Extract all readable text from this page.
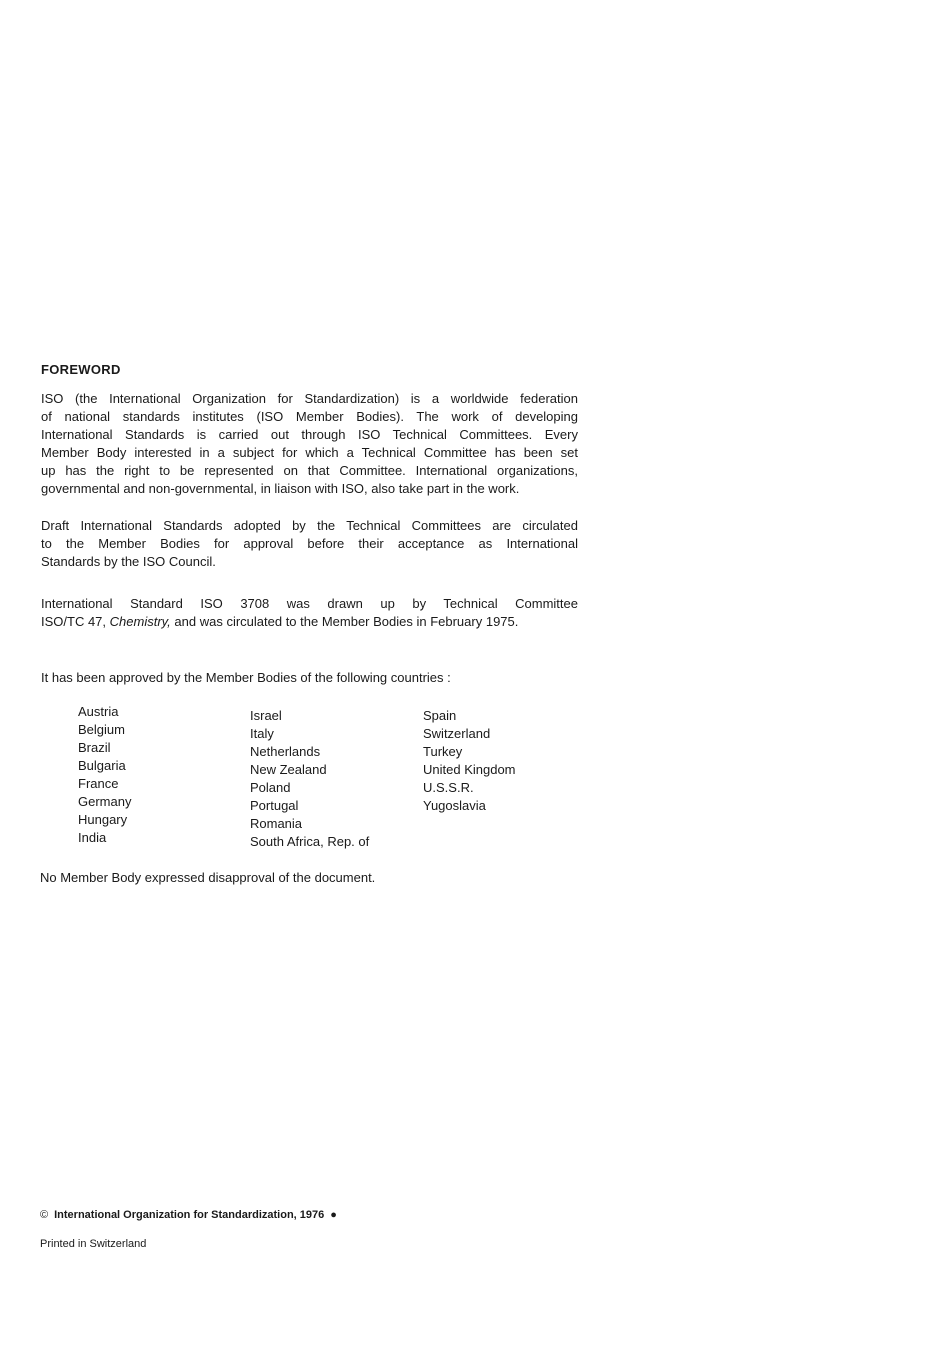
FOREWORD
ISO (the International Organization for Standardization) is a worldwide federation
of national standards institutes (ISO Member Bodies). The work of developing
International Standards is carried out through ISO Technical Committees. Every
Member Body interested in a subject for which a Technical Committee has been set
up has the right to be represented on that Committee. International organizations,
governmental and non-governmental, in liaison with ISO, also take part in the work.
Draft International Standards adopted by the Technical Committees are circulated
to the Member Bodies for approval before their acceptance as International
Standards by the ISO Council.
International Standard ISO 3708 was drawn up by Technical Committee
ISO/TC 47, Chemistry, and was circulated to the Member Bodies in February 1975.
It has been approved by the Member Bodies of the following countries :
Austria
Belgium
Brazil
Bulgaria
France
Germany
Hungary
India
Israel
Italy
Netherlands
New Zealand
Poland
Portugal
Romania
South Africa, Rep. of
Spain
Switzerland
Turkey
United Kingdom
U.S.S.R.
Yugoslavia
No Member Body expressed disapproval of the document.
© International Organization for Standardization, 1976 ●
Printed in Switzerland
